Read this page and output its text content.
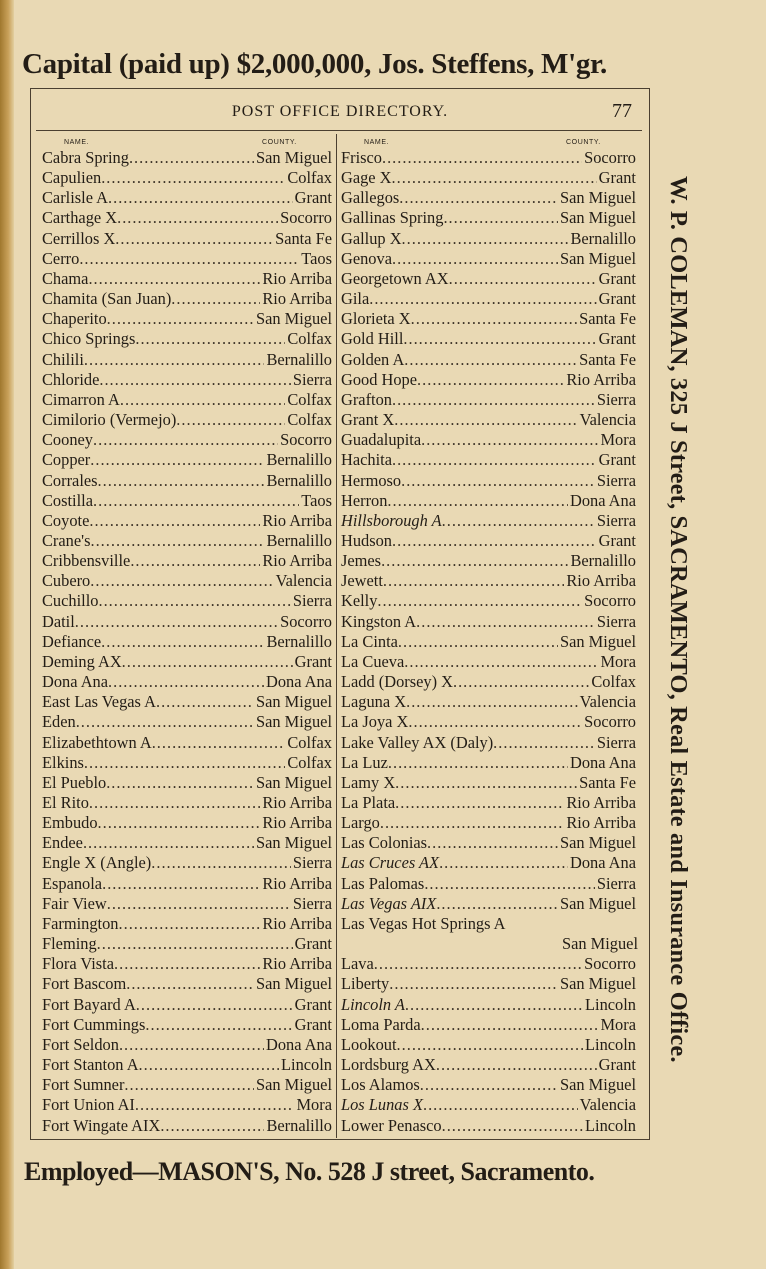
Capital (paid up) $2,000,000, Jos. Steffens, M'gr.
POST OFFICE DIRECTORY.	77
NAME.	COUNTY.	NAME.	COUNTY.
Cabra Spring .....	San Miguel
Capulien .....	Colfax
Carlisle A .....	Grant
Carthage X .....	Socorro
Cerrillos X .....	Santa Fe
Cerro .....	Taos
Chama .....	Rio Arriba
Chamita (San Juan) .....	Rio Arriba
Chaperito .....	San Miguel
Chico Springs .....	Colfax
Chilili .....	Bernalillo
Chloride .....	Sierra
Cimarron A .....	Colfax
Cimilorio (Vermejo) .....	Colfax
Cooney .....	Socorro
Copper .....	Bernalillo
Corrales .....	Bernalillo
Costilla .....	Taos
Coyote .....	Rio Arriba
Crane's .....	Bernalillo
Cribbensville .....	Rio Arriba
Cubero .....	Valencia
Cuchillo .....	Sierra
Datil .....	Socorro
Defiance .....	Bernalillo
Deming AX .....	Grant
Dona Ana .....	Dona Ana
East Las Vegas A .....	San Miguel
Eden .....	San Miguel
Elizabethtown A .....	Colfax
Elkins .....	Colfax
El Pueblo .....	San Miguel
El Rito .....	Rio Arriba
Embudo .....	Rio Arriba
Endee .....	San Miguel
Engle X (Angle) .....	Sierra
Espanola .....	Rio Arriba
Fair View .....	Sierra
Farmington .....	Rio Arriba
Fleming .....	Grant
Flora Vista .....	Rio Arriba
Fort Bascom .....	San Miguel
Fort Bayard A .....	Grant
Fort Cummings .....	Grant
Fort Seldon .....	Dona Ana
Fort Stanton A .....	Lincoln
Fort Sumner .....	San Miguel
Fort Union AI .....	Mora
Fort Wingate AIX .....	Bernalillo
Frisco .....	Socorro
Gage X .....	Grant
Gallegos .....	San Miguel
Gallinas Spring .....	San Miguel
Gallup X .....	Bernalillo
Genova .....	San Miguel
Georgetown AX .....	Grant
Gila .....	Grant
Glorieta X .....	Santa Fe
Gold Hill .....	Grant
Golden A .....	Santa Fe
Good Hope .....	Rio Arriba
Grafton .....	Sierra
Grant X .....	Valencia
Guadalupita .....	Mora
Hachita .....	Grant
Hermoso .....	Sierra
Herron .....	Dona Ana
Hillsborough A .....	Sierra
Hudson .....	Grant
Jemes .....	Bernalillo
Jewett .....	Rio Arriba
Kelly .....	Socorro
Kingston A .....	Sierra
La Cinta .....	San Miguel
La Cueva .....	Mora
Ladd (Dorsey) X .....	Colfax
Laguna X .....	Valencia
La Joya X .....	Socorro
Lake Valley AX (Daly) .....	Sierra
La Luz .....	Dona Ana
Lamy X .....	Santa Fe
La Plata .....	Rio Arriba
Largo .....	Rio Arriba
Las Colonias .....	San Miguel
Las Cruces AX .....	Dona Ana
Las Palomas .....	Sierra
Las Vegas AIX .....	San Miguel
Las Vegas Hot Springs A
San Miguel
Lava .....	Socorro
Liberty .....	San Miguel
Lincoln A .....	Lincoln
Loma Parda .....	Mora
Lookout .....	Lincoln
Lordsburg AX .....	Grant
Los Alamos .....	San Miguel
Los Lunas X .....	Valencia
Lower Penasco .....	Lincoln
W. P. COLEMAN, 325 J Street, SACRAMENTO, Real Estate and Insurance Office.
Employed—MASON'S, No. 528 J street, Sacramento.
